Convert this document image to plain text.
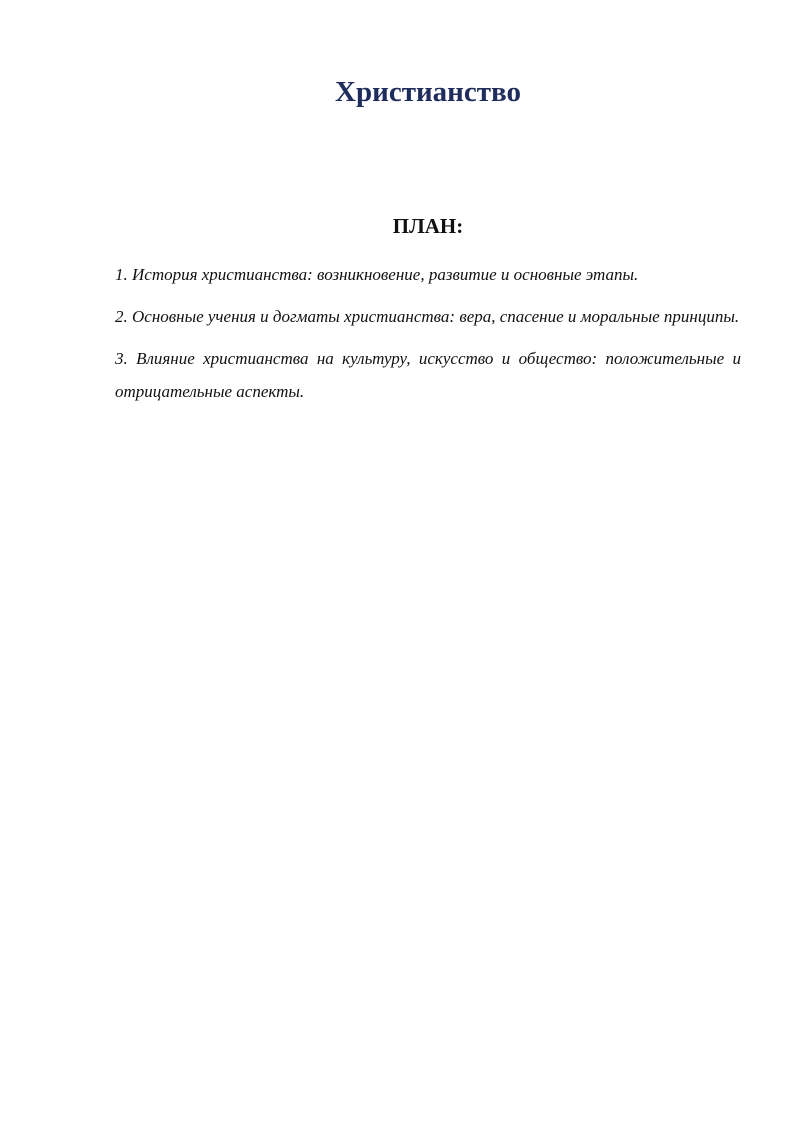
Христианство
ПЛАН:
1. История христианства: возникновение, развитие и основные этапы.
2. Основные учения и догматы христианства: вера, спасение и моральные принципы.
3. Влияние христианства на культуру, искусство и общество: положительные и отрицательные аспекты.
